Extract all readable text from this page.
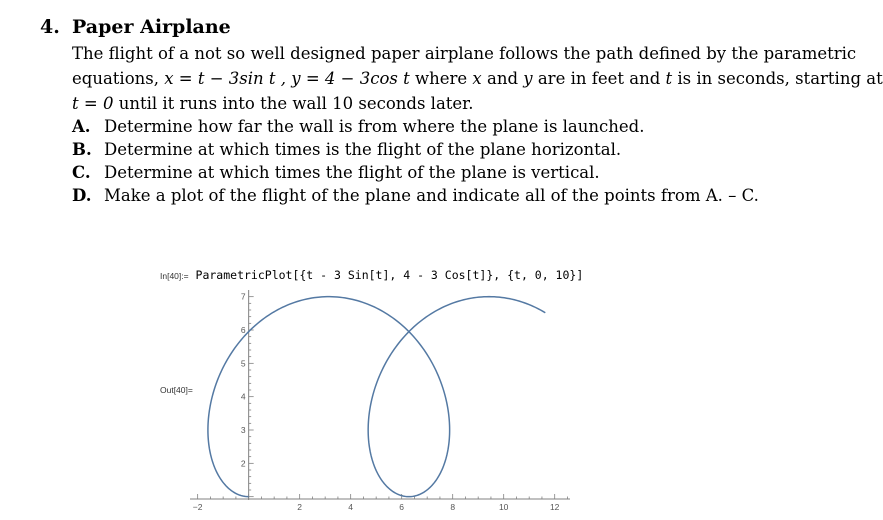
4. Paper Airplane
The flight of a not so well designed paper airplane follows the path defined by the parametric
equations, x = t − 3sin t , y = 4 − 3cos t where x and y are in feet and t is in seconds, starting at
t = 0 until it runs into the wall 10 seconds later.
A. Determine how far the wall is from where the plane is launched.
B. Determine at which times is the flight of the plane horizontal.
C. Determine at which times the flight of the plane is vertical.
D. Make a plot of the flight of the plane and indicate all of the points from A. – C.
In[40]:= ParametricPlot[{t - 3 Sin[t], 4 - 3 Cos[t]}, {t, 0, 10}]
Out[40]=
−2	2	4	6	8	10	12
2
3
4
5
6
7
